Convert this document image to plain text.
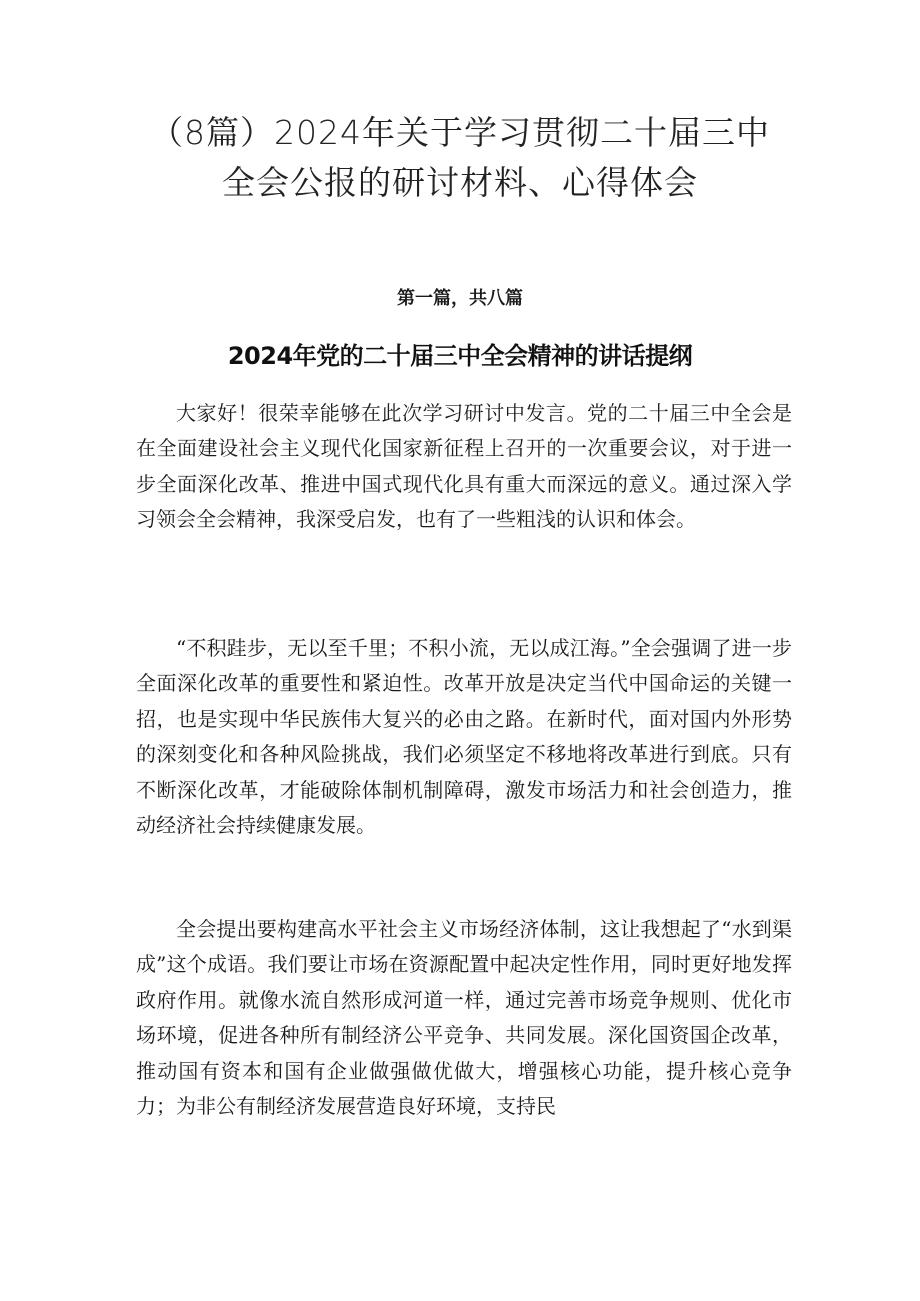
（8篇）2024年关于学习贯彻二十届三中
全会公报的研讨材料、心得体会
第一篇，共八篇
2024年党的二十届三中全会精神的讲话提纲

大家好！很荣幸能够在此次学习研讨中发言。党的二十届三中全会是在全面建设社会主义现代化国家新征程上召开的一次重要会议，对于进一步全面深化改革、推进中国式现代化具有重大而深远的意义。通过深入学习领会全会精神，我深受启发，也有了一些粗浅的认识和体会。

“不积跬步，无以至千里；不积小流，无以成江海。”全会强调了进一步全面深化改革的重要性和紧迫性。改革开放是决定当代中国命运的关键一招，也是实现中华民族伟大复兴的必由之路。在新时代，面对国内外形势的深刻变化和各种风险挑战，我们必须坚定不移地将改革进行到底。只有不断深化改革，才能破除体制机制障碍，激发市场活力和社会创造力，推动经济社会持续健康发展。

全会提出要构建高水平社会主义市场经济体制，这让我想起了“水到渠成”这个成语。我们要让市场在资源配置中起决定性作用，同时更好地发挥政府作用。就像水流自然形成河道一样，通过完善市场竞争规则、优化市场环境，促进各种所有制经济公平竞争、共同发展。深化国资国企改革，推动国有资本和国有企业做强做优做大，增强核心功能，提升核心竞争力；为非公有制经济发展营造良好环境，支持民
